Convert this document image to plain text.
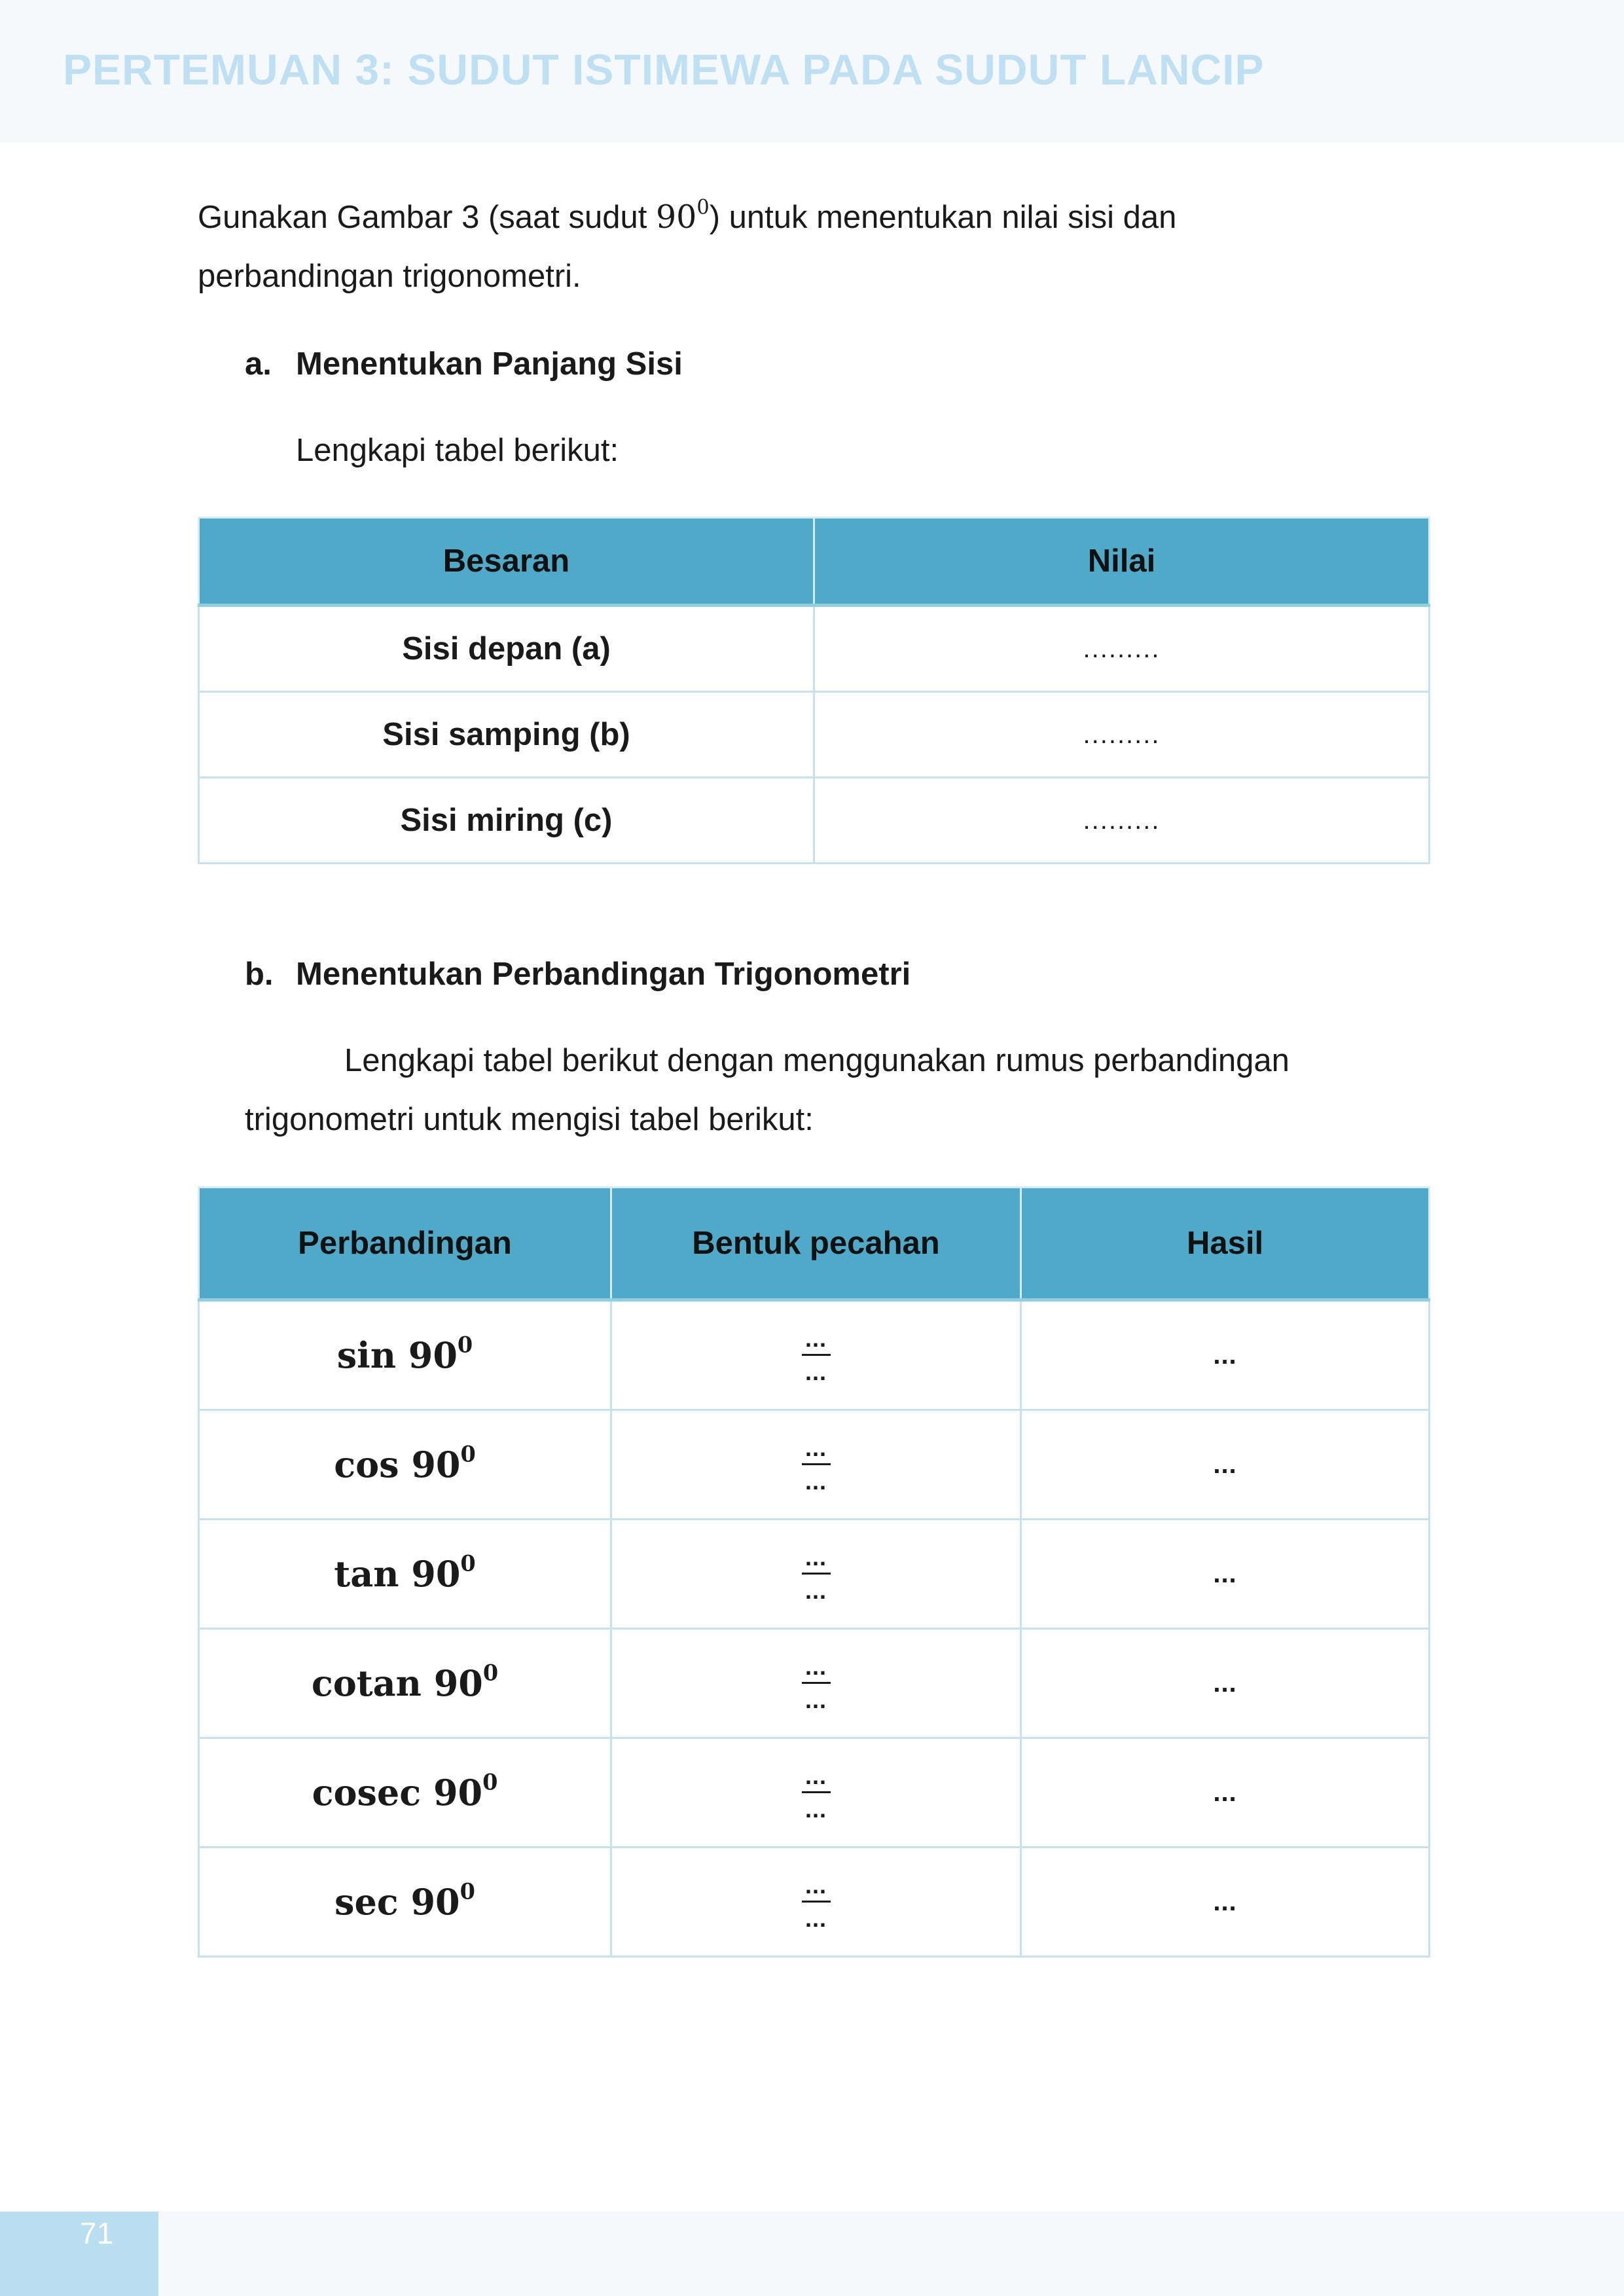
PERTEMUAN 3: SUDUT ISTIMEWA PADA SUDUT LANCIP
Gunakan Gambar 3 (saat sudut $90^0$) untuk menentukan nilai sisi dan
perbandingan trigonometri.
a. Menentukan Panjang Sisi
Lengkapi tabel berikut:
Besaran	Nilai
Sisi depan (a)	.........
Sisi samping (b)	.........
Sisi miring (c)	.........
b. Menentukan Perbandingan Trigonometri
Lengkapi tabel berikut dengan menggunakan rumus perbandingan
trigonometri untuk mengisi tabel berikut:
Perbandingan	Bentuk pecahan	Hasil
$\sin 90^0$	$\frac{...}{...}$	...
$\cos 90^0$	$\frac{...}{...}$	...
$\tan 90^0$	$\frac{...}{...}$	...
cotan $90^0$	$\frac{...}{...}$	...
cosec $90^0$	$\frac{...}{...}$	...
$\sec 90^0$	$\frac{...}{...}$	...
71
